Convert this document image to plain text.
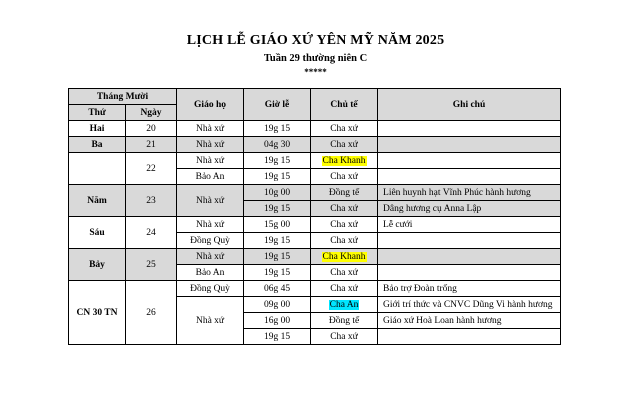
LỊCH LỄ GIÁO XỨ YÊN MỸ NĂM 2025
Tuần 29 thường niên C
*****
Tháng Mười		Giáo họ	Giờ lễ	Chủ tế	Ghi chú
Thứ	Ngày				
Hai	20	Nhà xứ	19g 15	Cha xứ	
Ba	21	Nhà xứ	04g 30	Cha xứ	
	22	Nhà xứ	19g 15	Cha Khanh	
		Bảo An	19g 15	Cha xứ	
Năm	23	Nhà xứ	10g 00	Đồng tế	Liên huynh hạt Vĩnh Phúc hành hương
			19g 15	Cha xứ	Dâng hương cụ Anna Lập
Sáu	24	Nhà xứ	15g 00	Cha xứ	Lễ cưới
		Đồng Quỳ	19g 15	Cha xứ	
Bảy	25	Nhà xứ	19g 15	Cha Khanh	
		Bảo An	19g 15	Cha xứ	
CN 30 TN	26	Đồng Quỳ	06g 45	Cha xứ	Bảo trợ Đoàn trống
		Nhà xứ	09g 00	Cha An	Giới trí thức và CNVC Dũng Vi hành hương
			16g 00	Đồng tế	Giáo xứ Hoà Loan hành hương
			19g 15	Cha xứ	
